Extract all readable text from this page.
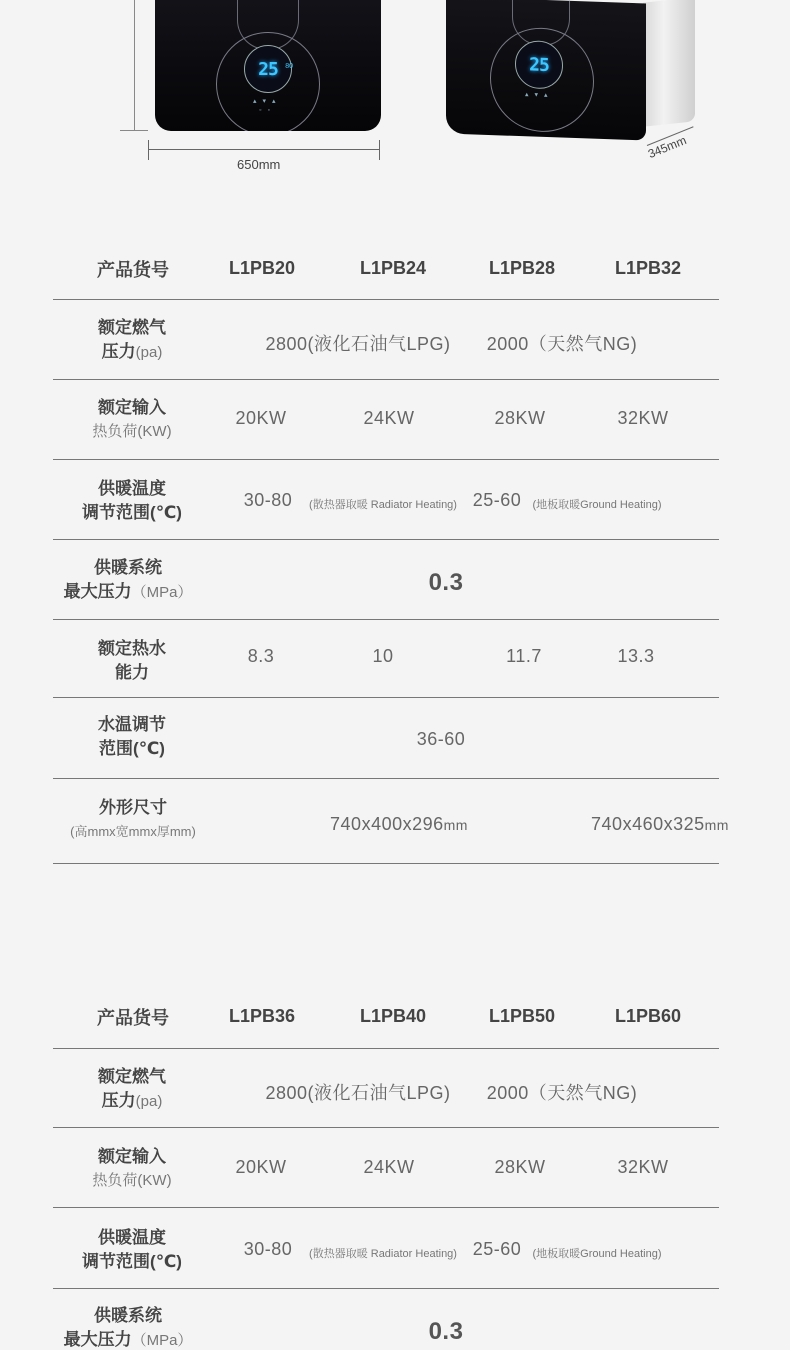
25 80
▴▾▴
◦◦
650mm
25
▴▾▴
345mm
产品货号	L1PB20	L1PB24	L1PB28	L1PB32
额定燃气
压力(pa)	2800(液化石油气LPG) 2000（天然气NG)
额定输入
热负荷(KW)
20KW	24KW	28KW	32KW
供暖温度
调节范围(℃)
30-80 (散热器取暖 Radiator Heating) 25-60 (地板取暖Ground Heating)
供暖系统
最大压力（MPa）	0.3
额定热水
能力
8.3	10	11.7	13.3
水温调节
范围(℃)	36-60
外形尺寸
(高mmx宽mmx厚mm)	740x400x296mm	740x460x325mm
产品货号	L1PB36	L1PB40	L1PB50	L1PB60
额定燃气
压力(pa)	2800(液化石油气LPG) 2000（天然气NG)
额定输入
热负荷(KW)
20KW	24KW	28KW	32KW
供暖温度
调节范围(℃)
30-80 (散热器取暖 Radiator Heating) 25-60 (地板取暖Ground Heating)
供暖系统
最大压力（MPa）	0.3
